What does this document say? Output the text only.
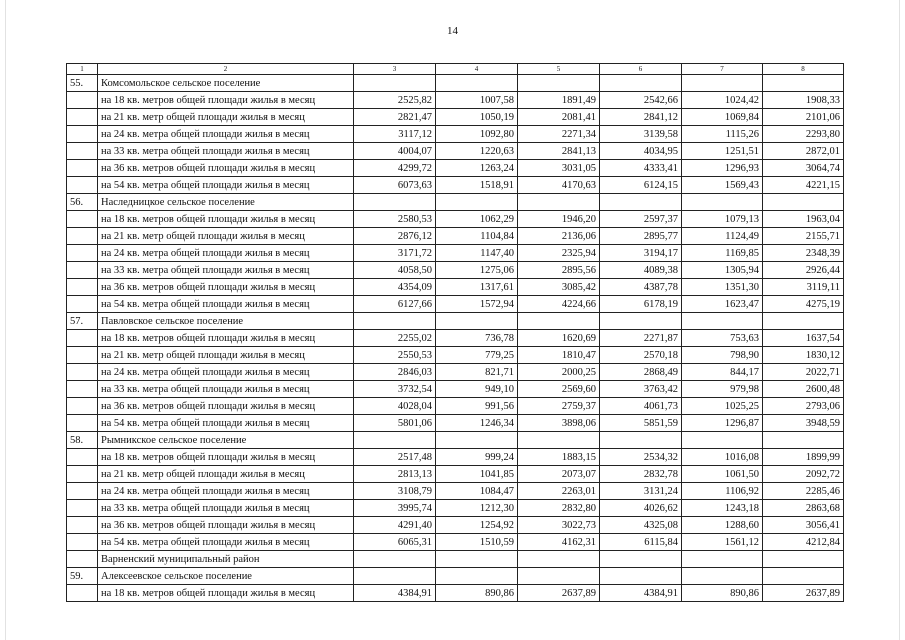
14
1	2	3	4	5	6	7	8
55.	Комсомольское сельское поселение						
	на 18 кв. метров общей площади жилья в месяц	2525,82	1007,58	1891,49	2542,66	1024,42	1908,33
	на 21 кв. метр общей площади жилья в месяц	2821,47	1050,19	2081,41	2841,12	1069,84	2101,06
	на 24 кв. метра общей площади жилья в месяц	3117,12	1092,80	2271,34	3139,58	1115,26	2293,80
	на 33 кв. метра общей площади жилья в месяц	4004,07	1220,63	2841,13	4034,95	1251,51	2872,01
	на 36 кв. метров общей площади жилья в месяц	4299,72	1263,24	3031,05	4333,41	1296,93	3064,74
	на 54 кв. метра общей площади жилья в месяц	6073,63	1518,91	4170,63	6124,15	1569,43	4221,15
56.	Наследницкое сельское поселение						
	на 18 кв. метров общей площади жилья в месяц	2580,53	1062,29	1946,20	2597,37	1079,13	1963,04
	на 21 кв. метр общей площади жилья в месяц	2876,12	1104,84	2136,06	2895,77	1124,49	2155,71
	на 24 кв. метра общей площади жилья в месяц	3171,72	1147,40	2325,94	3194,17	1169,85	2348,39
	на 33 кв. метра общей площади жилья в месяц	4058,50	1275,06	2895,56	4089,38	1305,94	2926,44
	на 36 кв. метров общей площади жилья в месяц	4354,09	1317,61	3085,42	4387,78	1351,30	3119,11
	на 54 кв. метра общей площади жилья в месяц	6127,66	1572,94	4224,66	6178,19	1623,47	4275,19
57.	Павловское сельское поселение						
	на 18 кв. метров общей площади жилья в месяц	2255,02	736,78	1620,69	2271,87	753,63	1637,54
	на 21 кв. метр общей площади жилья в месяц	2550,53	779,25	1810,47	2570,18	798,90	1830,12
	на 24 кв. метра общей площади жилья в месяц	2846,03	821,71	2000,25	2868,49	844,17	2022,71
	на 33 кв. метра общей площади жилья в месяц	3732,54	949,10	2569,60	3763,42	979,98	2600,48
	на 36 кв. метров общей площади жилья в месяц	4028,04	991,56	2759,37	4061,73	1025,25	2793,06
	на 54 кв. метра общей площади жилья в месяц	5801,06	1246,34	3898,06	5851,59	1296,87	3948,59
58.	Рымникское сельское поселение						
	на 18 кв. метров общей площади жилья в месяц	2517,48	999,24	1883,15	2534,32	1016,08	1899,99
	на 21 кв. метр общей площади жилья в месяц	2813,13	1041,85	2073,07	2832,78	1061,50	2092,72
	на 24 кв. метра общей площади жилья в месяц	3108,79	1084,47	2263,01	3131,24	1106,92	2285,46
	на 33 кв. метра общей площади жилья в месяц	3995,74	1212,30	2832,80	4026,62	1243,18	2863,68
	на 36 кв. метров общей площади жилья в месяц	4291,40	1254,92	3022,73	4325,08	1288,60	3056,41
	на 54 кв. метра общей площади жилья в месяц	6065,31	1510,59	4162,31	6115,84	1561,12	4212,84
	Варненский муниципальный район						
59.	Алексеевское сельское поселение						
	на 18 кв. метров общей площади жилья в месяц	4384,91	890,86	2637,89	4384,91	890,86	2637,89
